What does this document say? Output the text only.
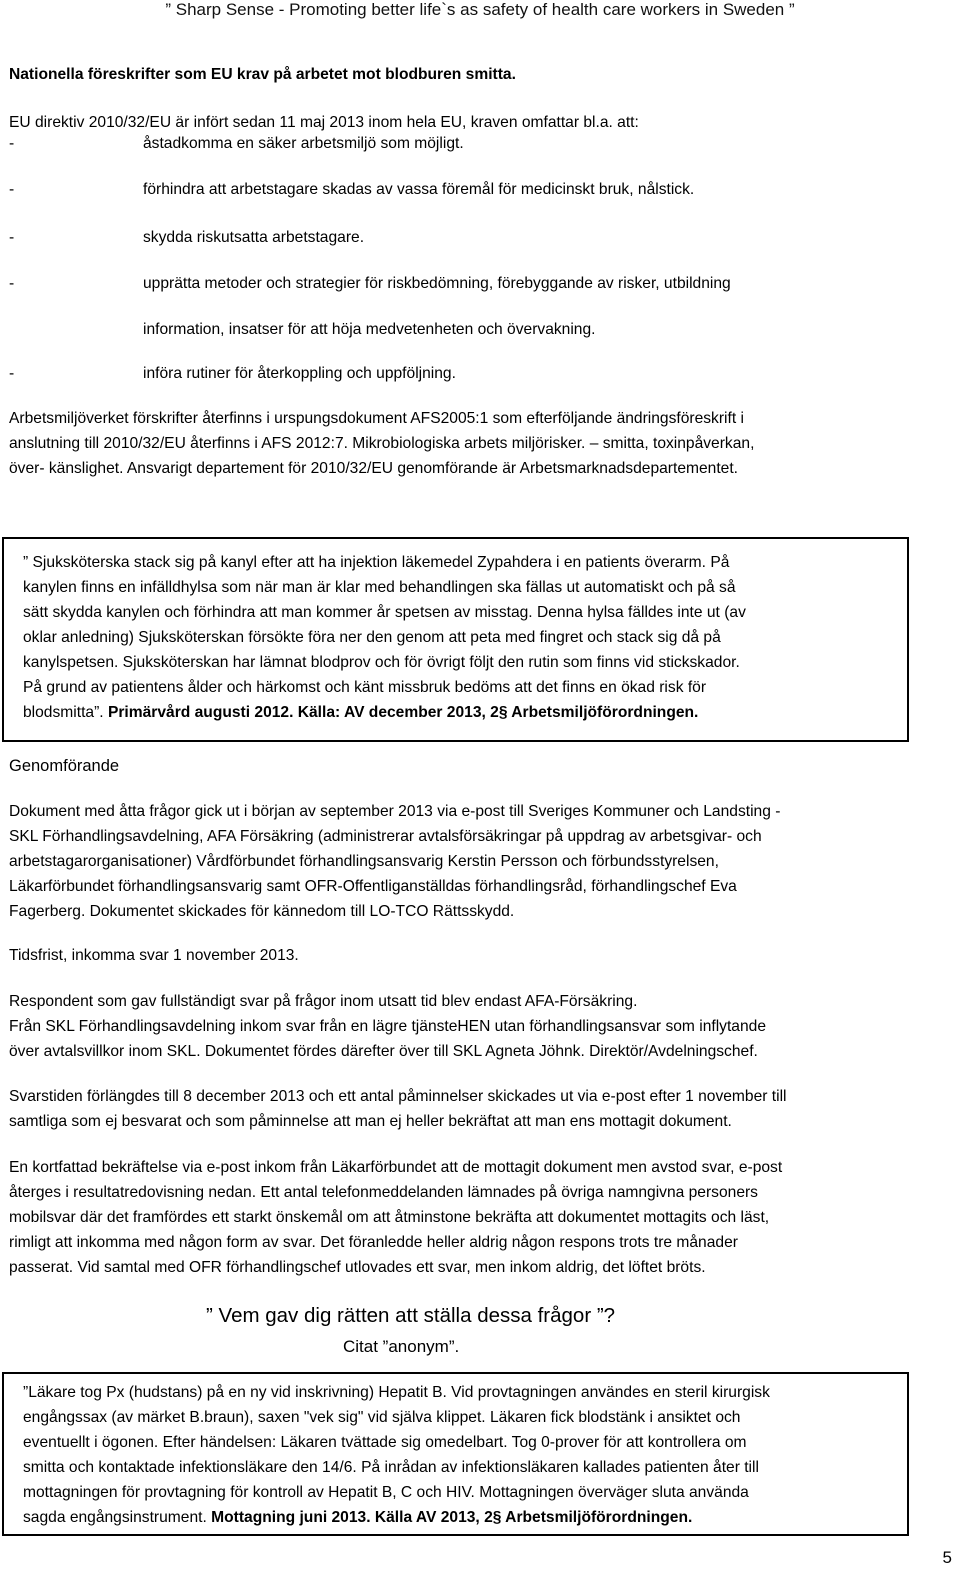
” Sharp Sense - Promoting better life`s as safety of health care workers in Sweden ”
Nationella föreskrifter som EU krav på arbetet mot blodburen smitta.
EU direktiv 2010/32/EU är infört sedan 11 maj 2013 inom hela EU, kraven omfattar bl.a. att:
-	åstadkomma en säker arbetsmiljö som möjligt.
-	förhindra att arbetstagare skadas av vassa föremål för medicinskt bruk, nålstick.
-	skydda riskutsatta arbetstagare.
-	upprätta metoder och strategier för riskbedömning, förebyggande av risker, utbildning
information, insatser för att höja medvetenheten och övervakning.
-	införa rutiner för återkoppling och uppföljning.
Arbetsmiljöverket förskrifter återfinns i urspungsdokument AFS2005:1 som efterföljande ändringsföreskrift i
anslutning till 2010/32/EU återfinns i AFS 2012:7. Mikrobiologiska arbets miljörisker. – smitta, toxinpåverkan,
över- känslighet. Ansvarigt departement för 2010/32/EU genomförande är Arbetsmarknadsdepartementet.

” Sjuksköterska stack sig på kanyl efter att ha injektion läkemedel Zypahdera i en patients överarm. På

kanylen finns en infälldhylsa som när man är klar med behandlingen ska fällas ut automatiskt och på så

sätt skydda kanylen och förhindra att man kommer år spetsen av misstag. Denna hylsa fälldes inte ut (av

oklar anledning) Sjuksköterskan försökte föra ner den genom att peta med fingret och stack sig då på

kanylspetsen. Sjuksköterskan har lämnat blodprov och för övrigt följt den rutin som finns vid stickskador.

På grund av patientens ålder och härkomst och känt missbruk bedöms att det finns en ökad risk för

blodsmitta”. Primärvård augusti 2012. Källa: AV december 2013, 2§ Arbetsmiljöförordningen.

Genomförande
Dokument med åtta frågor gick ut i början av september 2013 via e-post till Sveriges Kommuner och Landsting -
SKL Förhandlingsavdelning, AFA Försäkring (administrerar avtalsförsäkringar på uppdrag av arbetsgivar- och
arbetstagarorganisationer) Vårdförbundet förhandlingsansvarig Kerstin Persson och förbundsstyrelsen,
Läkarförbundet förhandlingsansvarig samt OFR-Offentliganställdas förhandlingsråd, förhandlingschef Eva
Fagerberg. Dokumentet skickades för kännedom till LO-TCO Rättsskydd.
Tidsfrist, inkomma svar 1 november 2013.
Respondent som gav fullständigt svar på frågor inom utsatt tid blev endast AFA-Försäkring.
Från SKL Förhandlingsavdelning inkom svar från en lägre tjänsteHEN utan förhandlingsansvar som inflytande
över avtalsvillkor inom SKL. Dokumentet fördes därefter över till SKL Agneta Jöhnk. Direktör/Avdelningschef.
Svarstiden förlängdes till 8 december 2013 och ett antal påminnelser skickades ut via e-post efter 1 november till
samtliga som ej besvarat och som påminnelse att man ej heller bekräftat att man ens mottagit dokument.
En kortfattad bekräftelse via e-post inkom från Läkarförbundet att de mottagit dokument men avstod svar, e-post
återges i resultatredovisning nedan. Ett antal telefonmeddelanden lämnades på övriga namngivna personers
mobilsvar där det framfördes ett starkt önskemål om att åtminstone bekräfta att dokumentet mottagits och läst,
rimligt att inkomma med någon form av svar. Det föranledde heller aldrig någon respons trots tre månader
passerat. Vid samtal med OFR förhandlingschef utlovades ett svar, men inkom aldrig, det löftet bröts.
” Vem gav dig rätten att ställa dessa frågor ”?
Citat ”anonym”.

”Läkare tog Px (hudstans) på en ny vid inskrivning) Hepatit B. Vid provtagningen användes en steril kirurgisk

engångssax (av märket B.braun), saxen "vek sig" vid själva klippet. Läkaren fick blodstänk i ansiktet och

eventuellt i ögonen. Efter händelsen: Läkaren tvättade sig omedelbart. Tog 0-prover för att kontrollera om

smitta och kontaktade infektionsläkare den 14/6. På inrådan av infektionsläkaren kallades patienten åter till

mottagningen för provtagning för kontroll av Hepatit B, C och HIV. Mottagningen överväger sluta använda

sagda engångsinstrument. Mottagning juni 2013. Källa AV 2013, 2§ Arbetsmiljöförordningen.

5
